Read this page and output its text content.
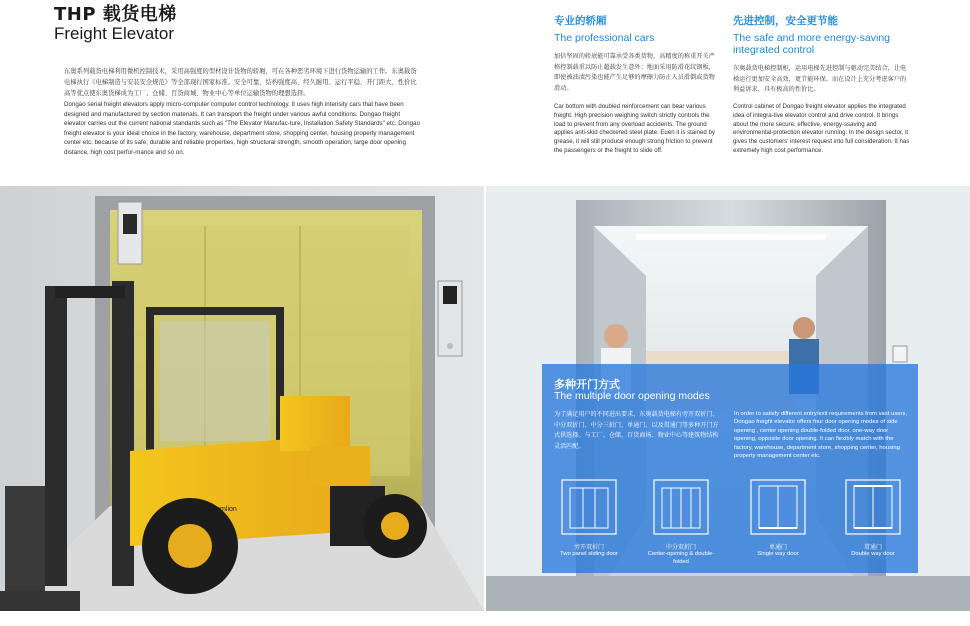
THP 载货电梯
Freight Elevator
东奥系列载货电梯利用微机控制技术，采用高强度的型材设计货物的轿厢，可在各种恶劣环境下进行货物运输的工作。东奥载货电梯执行《电梯制造与安装安全规范》等全部现行国家标准。安全可靠、结构强度高、经久耐用、运行平稳、开门距大、性价比高等优点使东奥货梯成为工厂、仓储、百货商城、物业中心等单位运输货物的理想选择。
Dongao serial freight elevators apply micro-computer computer control technology. It uses high intensity cars that have been designed and manufactured by section materials. It can transport the freight under various awful conditions. Dongao freight elevator carries out the current national standards such as "The Elevator Manufac-ture, Installation Safety Standards" etc. Dongao freight elevator is your ideal choice in the factory, warehouse, department store, shopping center, housing property management center etc. because of its safe; durable and reliable properties, high structural strength, smooth operation, large door opening distance, high cost perfor-mance and so on.
专业的轿厢
The professional cars
加倍坚固的轿底能可靠承受各类货物，高精度的称重开关严格控制载重以防止超载发生意外；地面采用防滑花纹钢板，即使被油渍污染也能产生足够的摩擦力防止人员滑倒或货物滑动。
Car bottom with doubled reinforcement can bear various freight. High precision weighing switch strictly controls the load to prevent from any overload accidents. The ground applies anti-skid checkered steel plate. Euen it is stained by grease, it will still produce enough strong friction to prevent the passengers or the freight to slide off.
先进控制，安全更节能
The safe and more energy-saving integrated control
东奥载货电梯控制柜，运用电梯先进控制与驱动完美结合，让电梯运行更加安全高效，更节能环保。而在设计上充分考虑客户的利益诉求，具有极高的性价比。
Control cabinet of Dongao freight elevator applies the integrated idea of integra-tive elevator control and drive control. It brings about the more secure, effective, energy-ssaving and environmental-protection elevator running. In the design sector, it gives the customers' interest request into full consideration. It has extremely high cost performance.
Ζoomlion
多种开门方式
The multiple door opening modes
为了满足用户的不同进出要求，东奥载货电梯有旁开双折门、中分双折门、中分三折门、单通门、以及贯通门等多种开门方式供选择。与工厂、仓储、百货商场、物业中心等建筑物结构灵活匹配。
In order to satisfy different entry/exit requirements from vast users, Dongao freight elevator offers four door opening modes of side opening , center opening double-folded door, one-way door opening, opposite door opening. It can flexibly match with the factory, warehouse, department store, shopping center, housing property management center etc.
旁开双折门
Two panel sliding door
中分双折门
Center-opening & double-folded
单通门
Single way door
贯通门
Double way door
